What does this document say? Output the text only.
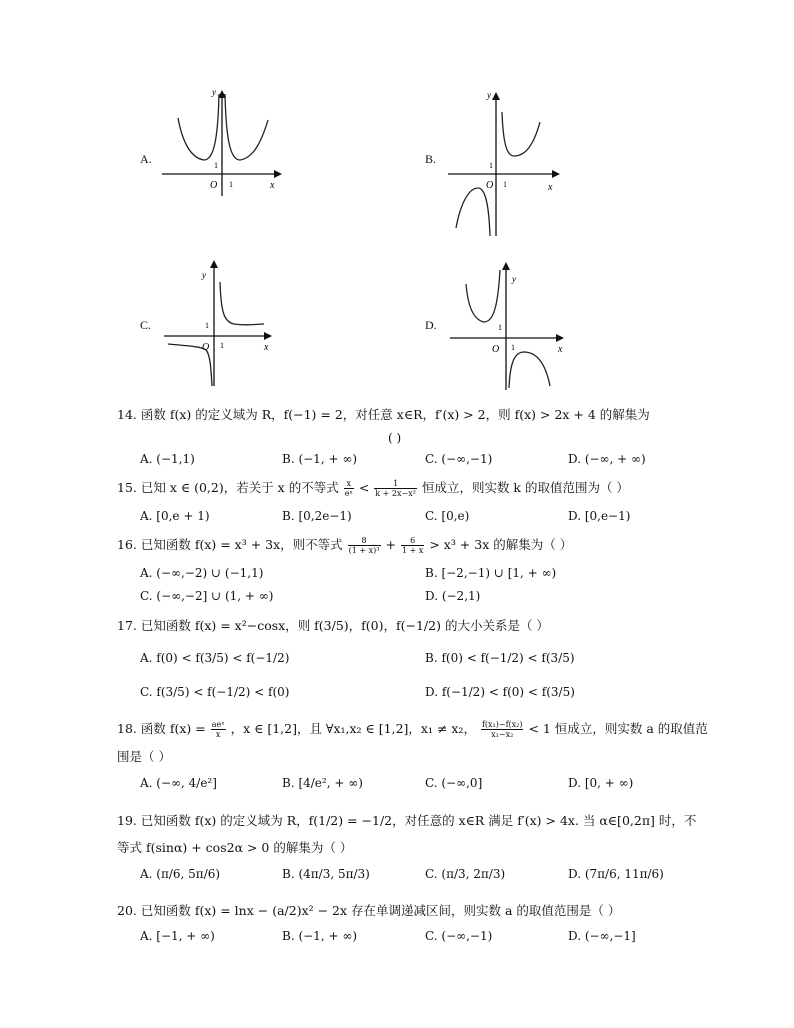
A.
y
x
O
1
1
B.
y
x
O
1
1
C.
y
x
O
1
1
D.
y
x
O
1
1
14. 函数 f(x) 的定义域为 R，f(−1) = 2，对任意 x∈R，f′(x) > 2，则 f(x) > 2x + 4 的解集为
( )
A. (−1,1)	B. (−1, + ∞)	C. (−∞,−1)	D. (−∞, + ∞)
15. 已知 x ∈ (0,2)，若关于 x 的不等式 $\frac{x}{\text{eˣ}} < \frac{1}{\text{k + 2x−x²}}$ 恒成立，则实数 k 的取值范围为（ ）
A. [0,e + 1)	B. [0,2e−1)	C. [0,e)	D. [0,e−1)
16. 已知函数 f(x) = x³ + 3x，则不等式 $\frac{8}{\text{(1 + x)³}} + \frac{6}{1 + x} > x^3 + 3x$ 的解集为（ ）
A. (−∞,−2) ∪ (−1,1)	B. [−2,−1) ∪ [1, + ∞)
C. (−∞,−2] ∪ (1, + ∞)	D. (−2,1)
17. 已知函数 f(x) = x²−cosx，则 f(3/5)，f(0)，f(−1/2) 的大小关系是（ ）
A. f(0) < f(3/5) < f(−1/2)	B. f(0) < f(−1/2) < f(3/5)
C. f(3/5) < f(−1/2) < f(0)	D. f(−1/2) < f(0) < f(3/5)
18. 函数 $f(x) = \frac{\text{aeˣ}}{x}$ ，x ∈ [1,2]，且 ∀x₁,x₂ ∈ [1,2]，x₁ ≠ x₂， $\frac{\text{f(x₁)−f(x₂)}}{\text{x₁−x₂}} < 1$ 恒成立，则实数 a 的取值范
围是（ ）
A. (−∞, 4/e²]	B. [4/e², + ∞)	C. (−∞,0]	D. [0, + ∞)
19. 已知函数 f(x) 的定义域为 R，f(1/2) = −1/2，对任意的 x∈R 满足 f′(x) > 4x. 当 α∈[0,2π] 时，不
等式 f(sinα) + cos2α > 0 的解集为（ ）
A. (π/6, 5π/6)	B. (4π/3, 5π/3)	C. (π/3, 2π/3)	D. (7π/6, 11π/6)
20. 已知函数 f(x) = lnx − (a/2)x² − 2x 存在单调递减区间，则实数 a 的取值范围是（ ）
A. [−1, + ∞)	B. (−1, + ∞)	C. (−∞,−1)	D. (−∞,−1]
